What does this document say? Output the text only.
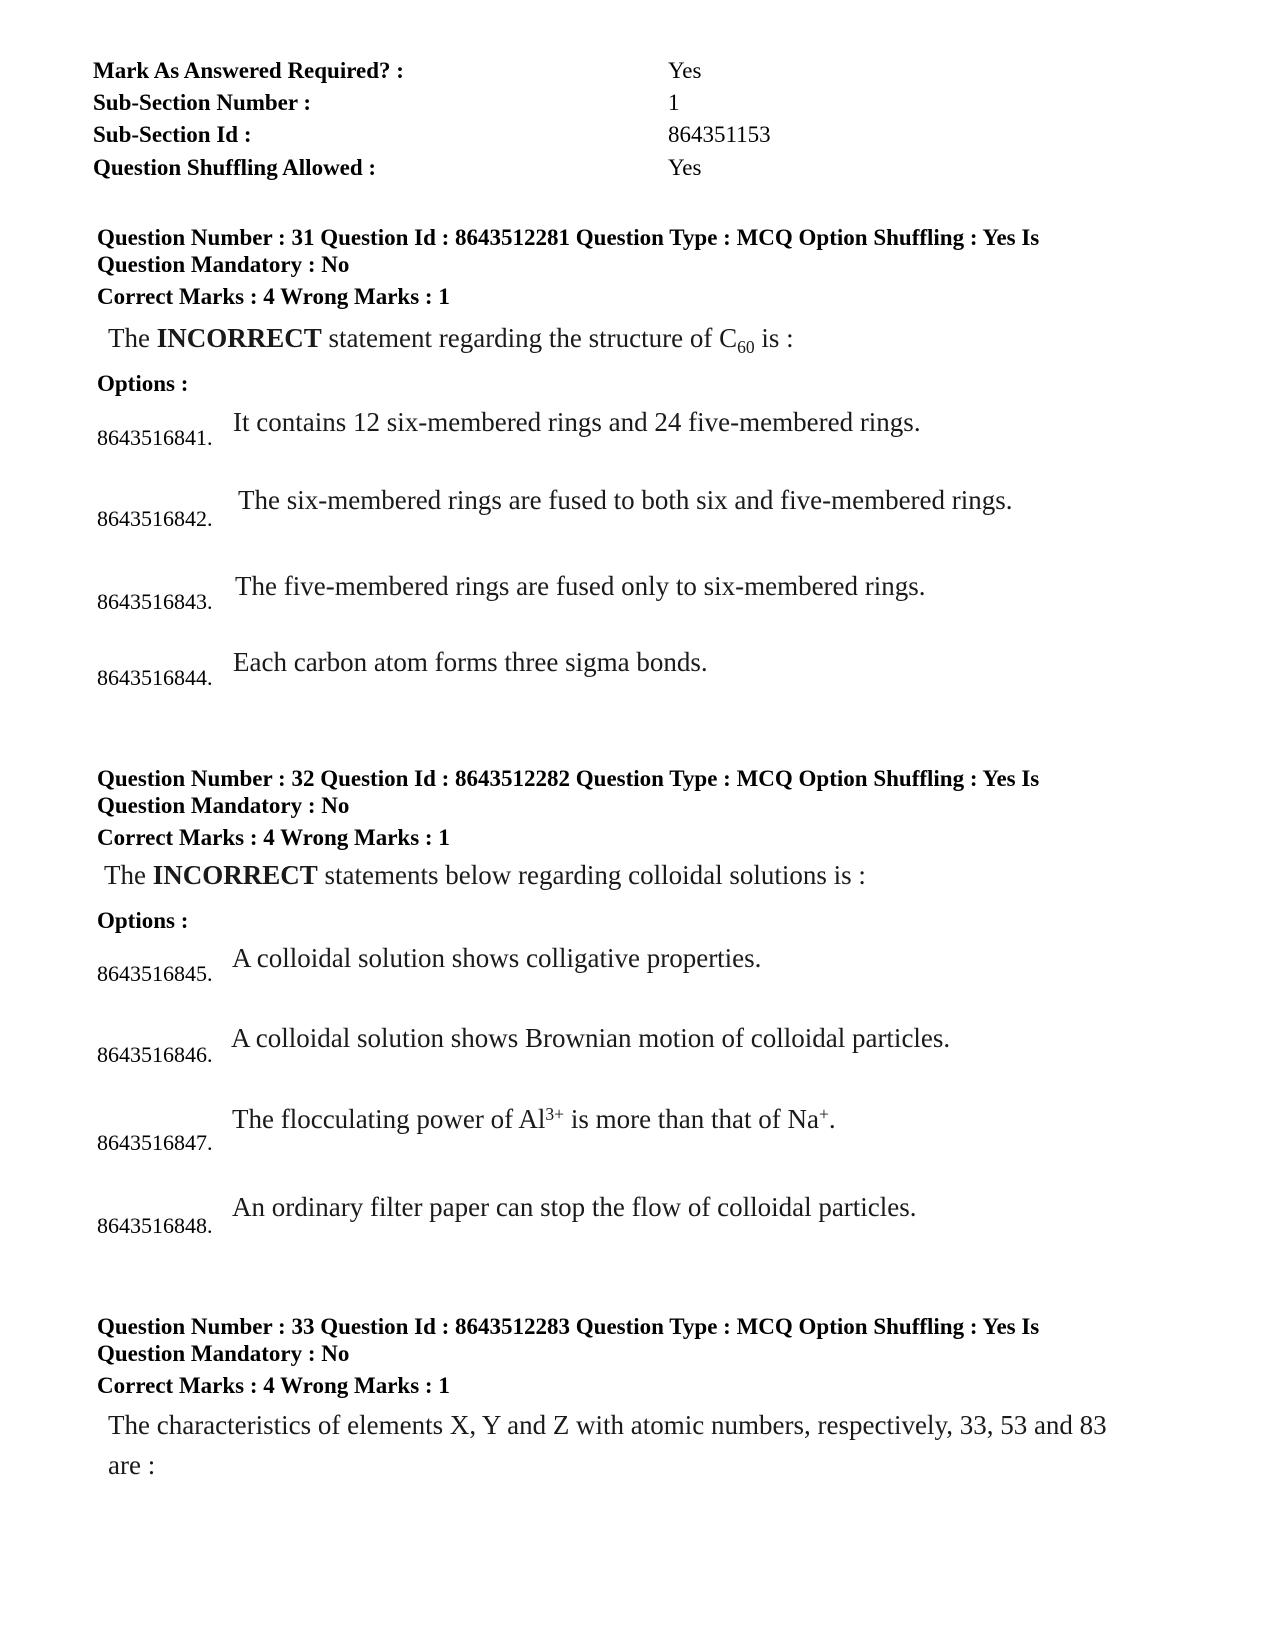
Mark As Answered Required? :	Yes
Sub-Section Number :	1
Sub-Section Id :	864351153
Question Shuffling Allowed :	Yes
Question Number : 31 Question Id : 8643512281 Question Type : MCQ Option Shuffling : Yes Is
Question Mandatory : No
Correct Marks : 4 Wrong Marks : 1
The INCORRECT statement regarding the structure of $C_{60}$ is :
Options :
8643516841.
It contains 12 six-membered rings and 24 five-membered rings.
8643516842.
The six-membered rings are fused to both six and five-membered rings.
8643516843.
The five-membered rings are fused only to six-membered rings.
8643516844.
Each carbon atom forms three sigma bonds.
Question Number : 32 Question Id : 8643512282 Question Type : MCQ Option Shuffling : Yes Is
Question Mandatory : No
Correct Marks : 4 Wrong Marks : 1
The INCORRECT statements below regarding colloidal solutions is :
Options :
8643516845.
A colloidal solution shows colligative properties.
8643516846.
A colloidal solution shows Brownian motion of colloidal particles.
8643516847.
The flocculating power of $Al^{3+}$ is more than that of Na+.
8643516848.
An ordinary filter paper can stop the flow of colloidal particles.
Question Number : 33 Question Id : 8643512283 Question Type : MCQ Option Shuffling : Yes Is
Question Mandatory : No
Correct Marks : 4 Wrong Marks : 1
The characteristics of elements X, Y and Z with atomic numbers, respectively, 33, 53 and 83
are :
